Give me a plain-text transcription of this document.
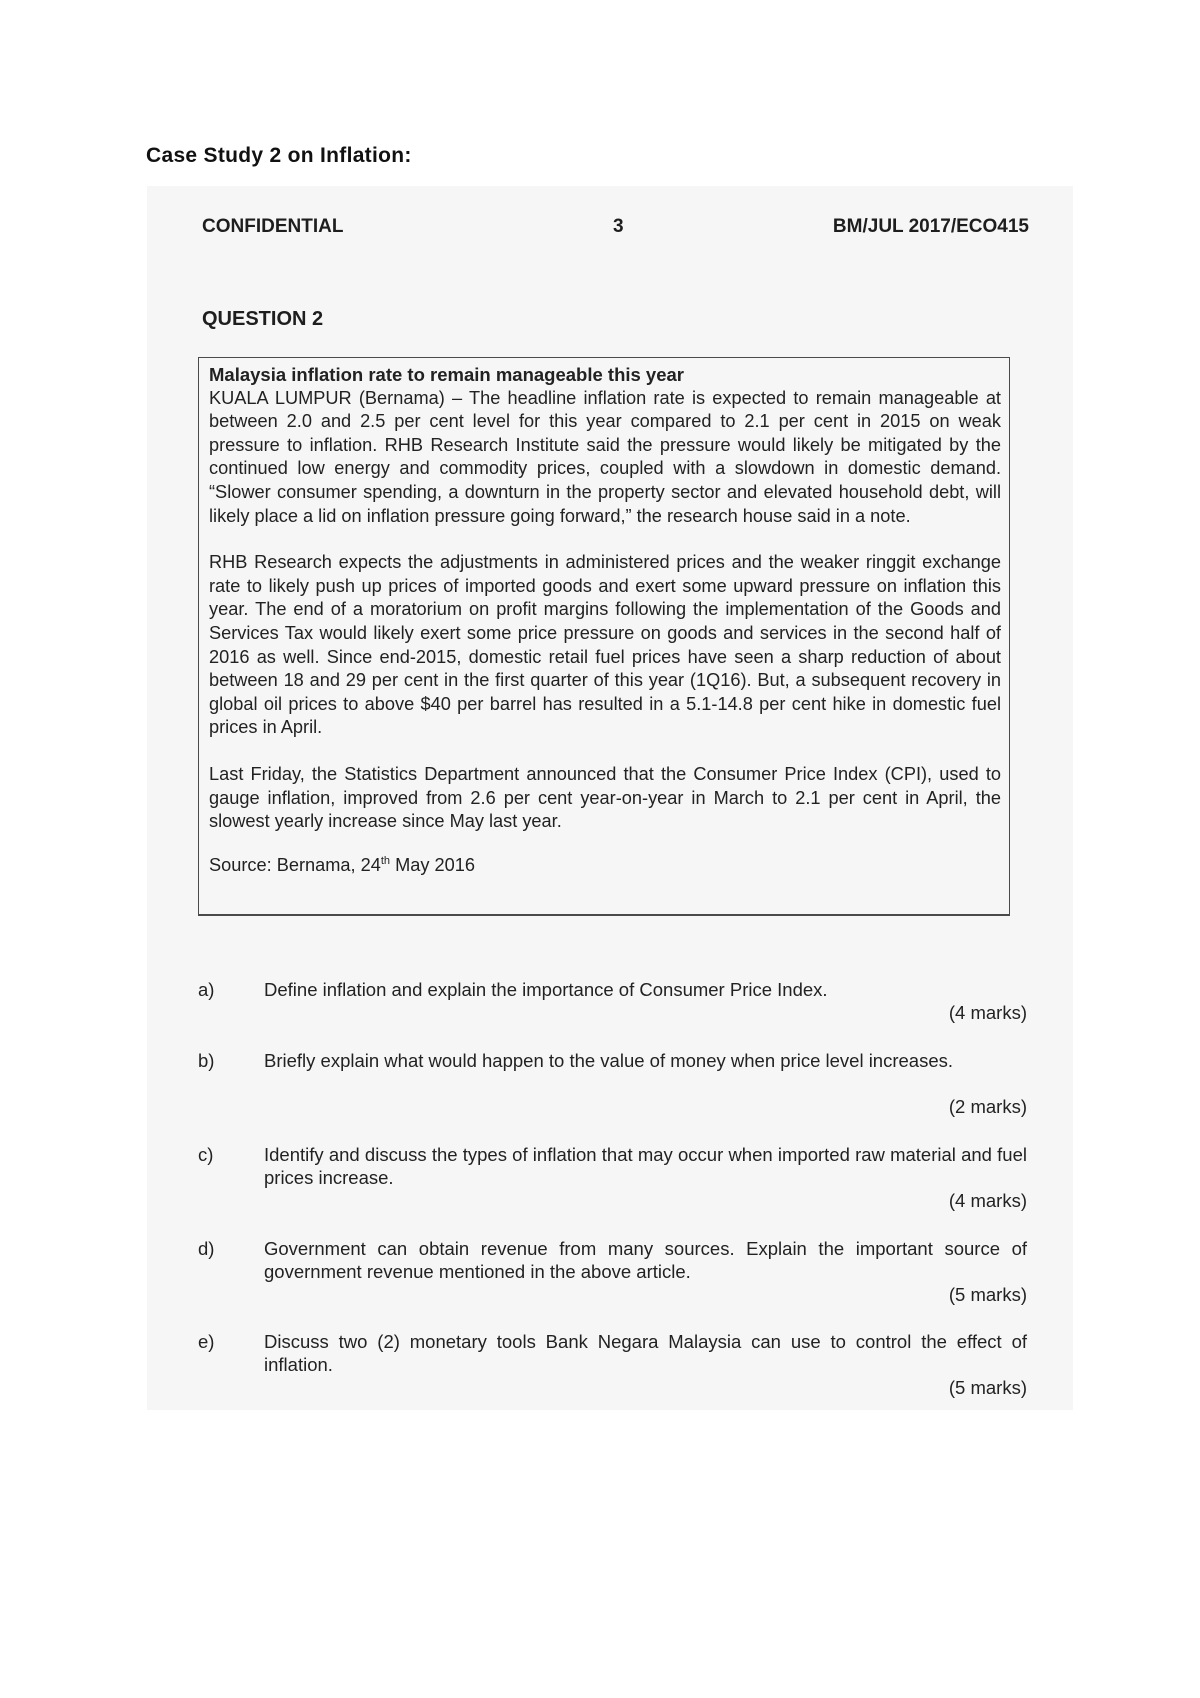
Case Study 2 on Inflation:
CONFIDENTIAL	3	BM/JUL 2017/ECO415
QUESTION 2

Malaysia inflation rate to remain manageable this year

KUALA LUMPUR (Bernama) – The headline inflation rate is expected to remain manageable at between 2.0 and 2.5 per cent level for this year compared to 2.1 per cent in 2015 on weak pressure to inflation. RHB Research Institute said the pressure would likely be mitigated by the continued low energy and commodity prices, coupled with a slowdown in domestic demand. “Slower consumer spending, a downturn in the property sector and elevated household debt, will likely place a lid on inflation pressure going forward,” the research house said in a note.

RHB Research expects the adjustments in administered prices and the weaker ringgit exchange rate to likely push up prices of imported goods and exert some upward pressure on inflation this year. The end of a moratorium on profit margins following the implementation of the Goods and Services Tax would likely exert some price pressure on goods and services in the second half of 2016 as well. Since end-2015, domestic retail fuel prices have seen a sharp reduction of about between 18 and 29 per cent in the first quarter of this year (1Q16). But, a subsequent recovery in global oil prices to above $40 per barrel has resulted in a 5.1-14.8 per cent hike in domestic fuel prices in April.

Last Friday, the Statistics Department announced that the Consumer Price Index (CPI), used to gauge inflation, improved from 2.6 per cent year-on-year in March to 2.1 per cent in April, the slowest yearly increase since May last year.

Source: Bernama, 24th May 2016

a)	Define inflation and explain the importance of Consumer Price Index.
(4 marks)
b)	Briefly explain what would happen to the value of money when price level increases.
(2 marks)
c)	Identify and discuss the types of inflation that may occur when imported raw material and fuel prices increase.
(4 marks)
d)	Government can obtain revenue from many sources. Explain the important source of government revenue mentioned in the above article.
(5 marks)
e)	Discuss two (2) monetary tools Bank Negara Malaysia can use to control the effect of inflation.
(5 marks)
